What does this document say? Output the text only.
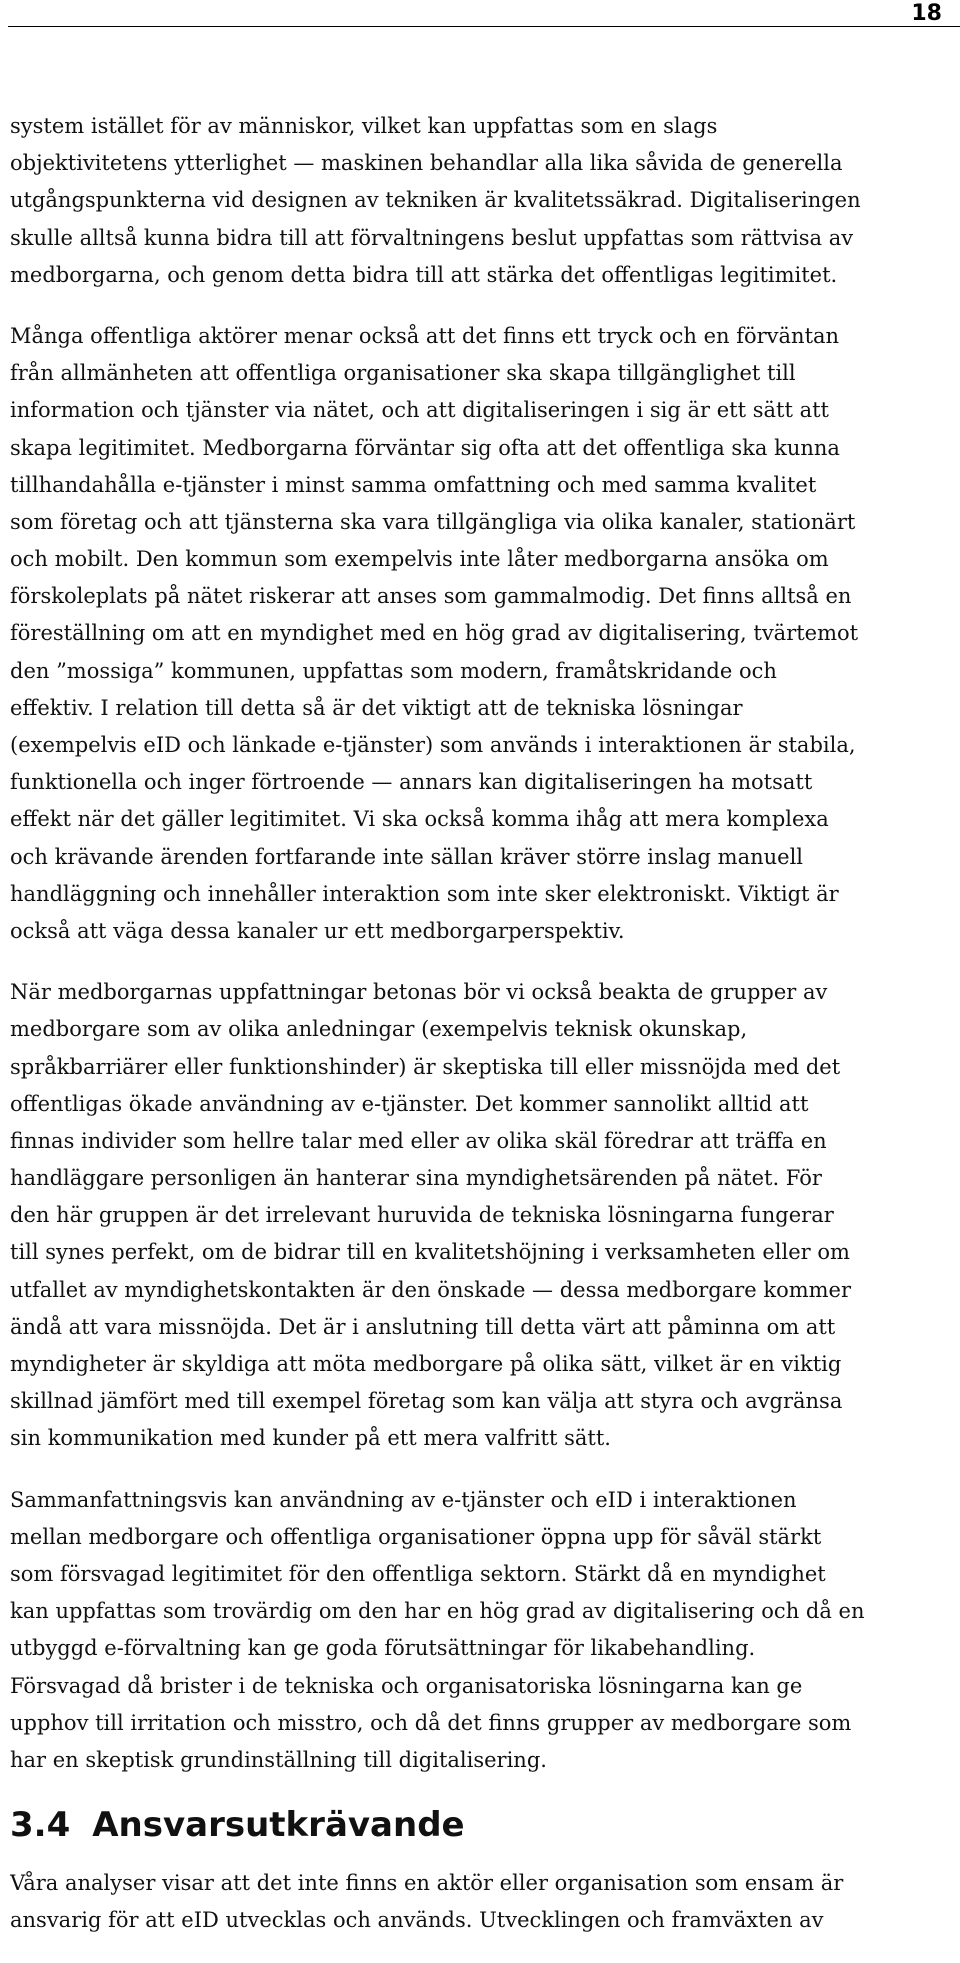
18
system istället för av människor, vilket kan uppfattas som en slags
objektivitetens ytterlighet — maskinen behandlar alla lika såvida de generella
utgångspunkterna vid designen av tekniken är kvalitetssäkrad. Digitaliseringen
skulle alltså kunna bidra till att förvaltningens beslut uppfattas som rättvisa av
medborgarna, och genom detta bidra till att stärka det offentligas legitimitet.
Många offentliga aktörer menar också att det finns ett tryck och en förväntan
från allmänheten att offentliga organisationer ska skapa tillgänglighet till
information och tjänster via nätet, och att digitaliseringen i sig är ett sätt att
skapa legitimitet. Medborgarna förväntar sig ofta att det offentliga ska kunna
tillhandahålla e-tjänster i minst samma omfattning och med samma kvalitet
som företag och att tjänsterna ska vara tillgängliga via olika kanaler, stationärt
och mobilt. Den kommun som exempelvis inte låter medborgarna ansöka om
förskoleplats på nätet riskerar att anses som gammalmodig. Det finns alltså en
föreställning om att en myndighet med en hög grad av digitalisering, tvärtemot
den ”mossiga” kommunen, uppfattas som modern, framåtskridande och
effektiv. I relation till detta så är det viktigt att de tekniska lösningar
(exempelvis eID och länkade e-tjänster) som används i interaktionen är stabila,
funktionella och inger förtroende — annars kan digitaliseringen ha motsatt
effekt när det gäller legitimitet. Vi ska också komma ihåg att mera komplexa
och krävande ärenden fortfarande inte sällan kräver större inslag manuell
handläggning och innehåller interaktion som inte sker elektroniskt. Viktigt är
också att väga dessa kanaler ur ett medborgarperspektiv.
När medborgarnas uppfattningar betonas bör vi också beakta de grupper av
medborgare som av olika anledningar (exempelvis teknisk okunskap,
språkbarriärer eller funktionshinder) är skeptiska till eller missnöjda med det
offentligas ökade användning av e-tjänster. Det kommer sannolikt alltid att
finnas individer som hellre talar med eller av olika skäl föredrar att träffa en
handläggare personligen än hanterar sina myndighetsärenden på nätet. För
den här gruppen är det irrelevant huruvida de tekniska lösningarna fungerar
till synes perfekt, om de bidrar till en kvalitetshöjning i verksamheten eller om
utfallet av myndighetskontakten är den önskade — dessa medborgare kommer
ändå att vara missnöjda. Det är i anslutning till detta värt att påminna om att
myndigheter är skyldiga att möta medborgare på olika sätt, vilket är en viktig
skillnad jämfört med till exempel företag som kan välja att styra och avgränsa
sin kommunikation med kunder på ett mera valfritt sätt.
Sammanfattningsvis kan användning av e-tjänster och eID i interaktionen
mellan medborgare och offentliga organisationer öppna upp för såväl stärkt
som försvagad legitimitet för den offentliga sektorn. Stärkt då en myndighet
kan uppfattas som trovärdig om den har en hög grad av digitalisering och då en
utbyggd e-förvaltning kan ge goda förutsättningar för likabehandling.
Försvagad då brister i de tekniska och organisatoriska lösningarna kan ge
upphov till irritation och misstro, och då det finns grupper av medborgare som
har en skeptisk grundinställning till digitalisering.
3.4 Ansvarsutkrävande
Våra analyser visar att det inte finns en aktör eller organisation som ensam är
ansvarig för att eID utvecklas och används. Utvecklingen och framväxten av
